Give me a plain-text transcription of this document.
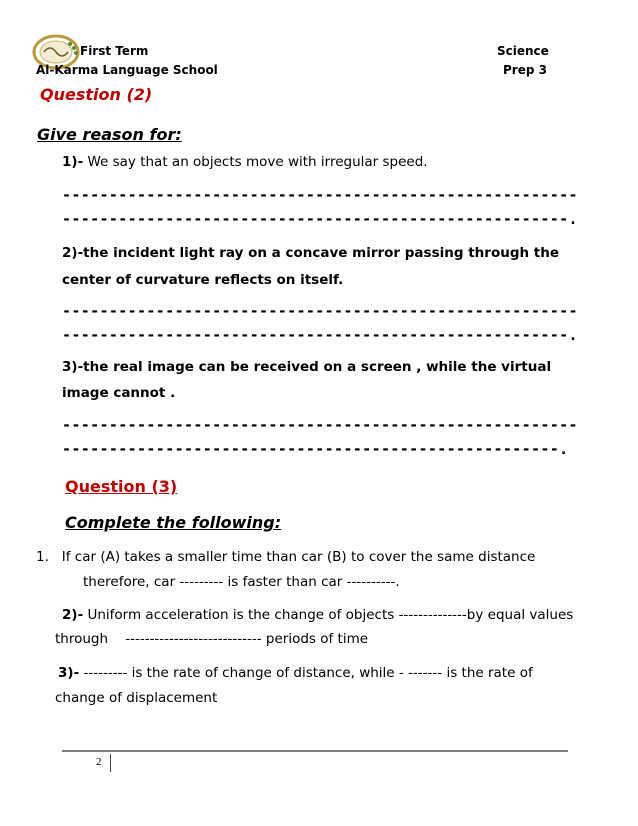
First Term	Science
Al-Karma Language School	Prep 3
Question (2)
Give reason for:
1)- We say that an objects move with irregular speed.
-------------------------------------------------------
------------------------------------------------------.
2)-the incident light ray on a concave mirror passing through the
center of curvature reflects on itself.
-------------------------------------------------------
------------------------------------------------------.
3)-the real image can be received on a screen , while the virtual
image cannot .
-------------------------------------------------------
-----------------------------------------------------.
Question (3)
Complete the following:
1. If car (A) takes a smaller time than car (B) to cover the same distance
therefore, car --------- is faster than car ----------.
2)- Uniform acceleration is the change of objects --------------by equal values
through    ---------------------------- periods of time
3)- --------- is the rate of change of distance, while - ------- is the rate of
change of displacement
2
